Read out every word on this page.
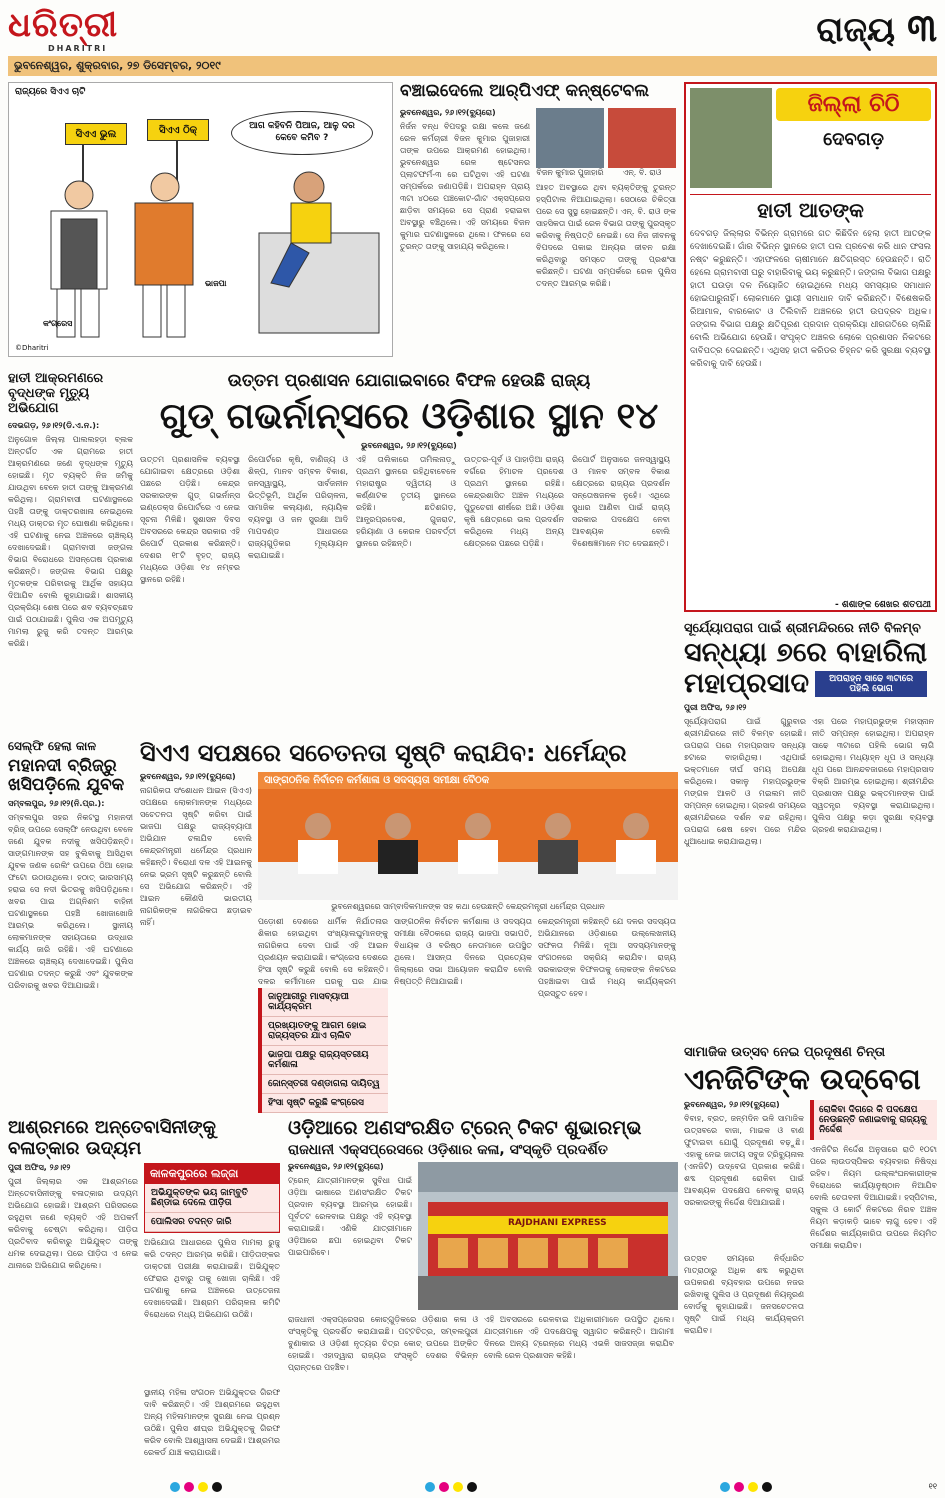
ଧରିତ୍ରୀ
DHARITRI	ରାଜ୍ୟ ୩
ଭୁବନେଶ୍ୱର, ଶୁକ୍ରବାର, ୨୭ ଡିସେମ୍ବର, ୨୦୧୯
ରାଜ୍ୟରେ ସିଏଏ ଚାଟି
ସିଏଏ ଭୁଲ	ସିଏଏ ଠିକ୍	ଆଗ କହିବନି ପିଆଜ, ଆଳୁ ଦର କେବେ କମିବ ?
କଂଗ୍ରେସ
ଭାଜପା
©Dharitri
ବଞ୍ଚାଇଦେଲେ ଆର୍‌ପିଏଫ୍ କନ୍‌ଷ୍ଟେବଲ
ଭୁବନେଶ୍ୱର, ୨୬।୧୨(ବ୍ୟୁରୋ)
ନିର୍ଜନ ବନ୍ଧ ବିପଦରୁ ରକ୍ଷା କଲେ ଜଣେ ରେଳ କର୍ମଚାରୀ ବିଜନ କୁମାର ପୁଜାହାରୀ ତାଙ୍କ ଉପରେ ଆକ୍ରମଣ ହୋଇଥିଲା। ଭୁବନେଶ୍ୱର ରେଳ ଷ୍ଟେସନର ପ୍ଲାଟଫର୍ମ-୩ ରେ ଘଟିଥିବା ଏହି ଘଟଣା ସମ୍ପର୍କରେ ଜଣାପଡ଼ିଛି। ଅପରାହ୍ନ ପ୍ରାୟ ୩ଟା ୪୦ରେ ପଞ୍ଚକୋଟ-ଗାଁଟ ଏକ୍ସପ୍ରେସ ଛାଡ଼ିବା ସମୟରେ ସେ ପ୍ରାଣ ହରାଇବା ଅବସ୍ଥାରୁ ବଞ୍ଚିଥିଲେ। ଏହି ସମୟରେ ବିଜନ କୁମାର ଘଟଣାସ୍ଥଳରେ ଥିଲେ। ଫଳରେ ସେ ତୁରନ୍ତ ତାଙ୍କୁ ସାହାଯ୍ୟ କରିଥିଲେ।
ବିଜନ କୁମାର ପୁଜାହାରି	ଏନ୍. ବି. ରାଓ
ଆହତ ଅବସ୍ଥାରେ ଥିବା ବ୍ୟକ୍ତିଙ୍କୁ ତୁରନ୍ତ ହସ୍ପିଟାଲ ନିଆଯାଇଥିଲା। ସେଠାରେ ଚିକିତ୍ସା ପରେ ସେ ସୁସ୍ଥ ହୋଇଛନ୍ତି। ଏନ୍. ବି. ରାଓ ଙ୍କ ସାହସିକତା ପାଇଁ ରେଳ ବିଭାଗ ତାଙ୍କୁ ପୁରସ୍କୃତ କରିବାକୁ ନିଷ୍ପତ୍ତି ନେଇଛି। ସେ ନିଜ ଜୀବନକୁ ବିପଦରେ ପକାଇ ଅନ୍ୟର ଜୀବନ ରକ୍ଷା କରିଥିବାରୁ ସମସ୍ତେ ତାଙ୍କୁ ପ୍ରଶଂସା କରିଛନ୍ତି। ଘଟଣା ସମ୍ପର୍କରେ ରେଳ ପୁଲିସ ତଦନ୍ତ ଆରମ୍ଭ କରିଛି।
ଜିଲ୍ଲା ଚିଠି
ଦେବଗଡ଼
ହାତୀ ଆତଙ୍କ
ଦେବଗଡ଼ ଜିଲ୍ଲାର ବିଭିନ୍ନ ଗ୍ରାମରେ ଗତ କିଛିଦିନ ହେଲା ହାତୀ ଆତଙ୍କ ଦେଖାଦେଇଛି। ଗାଁର ବିଭିନ୍ନ ସ୍ଥାନରେ ହାତୀ ପଲ ପ୍ରବେଶ କରି ଧାନ ଫସଲ ନଷ୍ଟ କରୁଛନ୍ତି। ଏହାଫଳରେ ଚାଷୀମାନେ କ୍ଷତିଗ୍ରସ୍ତ ହେଉଛନ୍ତି। ରାତି ହେଲେ ଗ୍ରାମବାସୀ ଘରୁ ବାହାରିବାକୁ ଭୟ କରୁଛନ୍ତି। ଜଙ୍ଗଲ ବିଭାଗ ପକ୍ଷରୁ ହାତୀ ଘଉଡ଼ା ଦଳ ନିୟୋଜିତ ହୋଇଥିଲେ ମଧ୍ୟ ସମସ୍ୟାର ସମାଧାନ ହୋଇପାରୁନାହିଁ। ଲୋକମାନେ ସ୍ଥାୟୀ ସମାଧାନ ଦାବି କରିଛନ୍ତି। ବିଶେଷକରି ରିଆମାଳ, ବାରକୋଟ ଓ ତିଲିବାନି ଅଞ୍ଚଳରେ ହାତୀ ଉପଦ୍ରବ ଅଧିକ। ଜଙ୍ଗଲ ବିଭାଗ ପକ୍ଷରୁ କ୍ଷତିପୂରଣ ପ୍ରଦାନ ପ୍ରକ୍ରିୟା ଧୀରଗତିରେ ଚାଲିଛି ବୋଲି ଅଭିଯୋଗ ହେଉଛି। ସଂପୃକ୍ତ ଅଞ୍ଚଳର ଲୋକେ ପ୍ରଶାସନ ନିକଟରେ ଦାବିପତ୍ର ଦେଇଛନ୍ତି। ଏଥିସହ ହାତୀ କରିଡର ଚିହ୍ନଟ କରି ସୁରକ୍ଷା ବ୍ୟବସ୍ଥା କରିବାକୁ ଦାବି ହେଉଛି।
- ଶଶାଙ୍କ ଶେଖର ଶତପଥୀ
ହାତୀ ଆକ୍ରମଣରେ ବୃଦ୍ଧଙ୍କ ମୃତ୍ୟୁ ଅଭିଯୋଗ
ଦେଭଗଡ଼, ୨୬।୧୨(ଡି.ଏ.ନ.):
ଅନୁଗୋଳ ଜିଲ୍ଲା ପାଲଲହଡ଼ା ବ୍ଲକ ଅନ୍ତର୍ଗତ ଏକ ଗ୍ରାମରେ ହାତୀ ଆକ୍ରମଣରେ ଜଣେ ବୃଦ୍ଧଙ୍କ ମୃତ୍ୟୁ ହୋଇଛି। ମୃତ ବ୍ୟକ୍ତି ନିଜ ଜମିକୁ ଯାଉଥିବା ବେଳେ ହାତୀ ତାଙ୍କୁ ଆକ୍ରମଣ କରିଥିଲା। ଗ୍ରାମବାସୀ ଘଟଣାସ୍ଥଳରେ ପହଞ୍ଚି ତାଙ୍କୁ ଡାକ୍ତରଖାନା ନେଇଥିଲେ ମଧ୍ୟ ଡାକ୍ତର ମୃତ ଘୋଷଣା କରିଥିଲେ। ଏହି ଘଟଣାକୁ ନେଇ ଅଞ୍ଚଳରେ ଚାଞ୍ଚଲ୍ୟ ଦେଖାଦେଇଛି। ଗ୍ରାମବାସୀ ଜଙ୍ଗଲ ବିଭାଗ ବିରୋଧରେ ଅସନ୍ତୋଷ ପ୍ରକାଶ କରିଛନ୍ତି। ଜଙ୍ଗଲ ବିଭାଗ ପକ୍ଷରୁ ମୃତକଙ୍କ ପରିବାରକୁ ଆର୍ଥିକ ସହାୟତା ଦିଆଯିବ ବୋଲି କୁହାଯାଇଛି। ଶାସକୀୟ ପ୍ରକ୍ରିୟା ଶେଷ ପରେ ଶବ ବ୍ୟବଚ୍ଛେଦ ପାଇଁ ପଠାଯାଇଛି। ପୁଲିସ ଏକ ଅପମୃତ୍ୟୁ ମାମଲା ରୁଜୁ କରି ତଦନ୍ତ ଆରମ୍ଭ କରିଛି।
ଉତ୍ତମ ପ୍ରଶାସନ ଯୋଗାଇବାରେ ବିଫଳ ହେଉଛି ରାଜ୍ୟ
ଗୁଡ୍ ଗଭର୍ନାନ୍ସରେ ଓଡ଼ିଶାର ସ୍ଥାନ ୧୪
ଭୁବନେଶ୍ୱର, ୨୬।୧୨(ବ୍ୟୁରୋ)
ଉତ୍ତମ ପ୍ରଶାସନିକ ବ୍ୟବସ୍ଥା ଯୋଗାଇବା କ୍ଷେତ୍ରରେ ଓଡ଼ିଶା ପଛରେ ପଡ଼ିଛି। କେନ୍ଦ୍ର ସରକାରଙ୍କ ଗୁଡ୍ ଗଭର୍ନାନ୍ସ ଇଣ୍ଡେକ୍ସ ରିପୋର୍ଟରେ ଏ ନେଇ ସୂଚନା ମିଳିଛି। ସୁଶାସନ ଦିବସ ଅବସରରେ କେନ୍ଦ୍ର ସରକାର ଏହି ରିପୋର୍ଟ ପ୍ରକାଶ କରିଛନ୍ତି। ଦେଶର ୧୮ଟି ବୃହତ୍ ରାଜ୍ୟ ମଧ୍ୟରେ ଓଡ଼ିଶା ୧୪ ନମ୍ବର ସ୍ଥାନରେ ରହିଛି।
ରିପୋର୍ଟରେ କୃଷି, ବାଣିଜ୍ୟ ଓ ଶିଳ୍ପ, ମାନବ ସମ୍ବଳ ବିକାଶ, ଜନସ୍ୱାସ୍ଥ୍ୟ, ସାର୍ବଜନୀନ ଭିତ୍ତିଭୂମି, ଆର୍ଥିକ ପରିଚାଳନା, ସାମାଜିକ କଲ୍ୟାଣ, ନ୍ୟାୟିକ ବ୍ୟବସ୍ଥା ଓ ଜନ ସୁରକ୍ଷା ଆଦି ମାପଦଣ୍ଡ ଆଧାରରେ ରାଜ୍ୟଗୁଡ଼ିକର ମୂଲ୍ୟାୟନ କରାଯାଇଛି।
ଏହି ତାଲିକାରେ ତାମିଲନାଡ଼ୁ ପ୍ରଥମ ସ୍ଥାନରେ ରହିଥିବାବେଳେ ମହାରାଷ୍ଟ୍ର ଦ୍ୱିତୀୟ ଓ କର୍ଣ୍ଣାଟକ ତୃତୀୟ ସ୍ଥାନରେ ରହିଛି। ଛତିଶଗଡ଼, ଆନ୍ଧ୍ରପ୍ରଦେଶ, ଗୁଜରାଟ, ହରିୟାଣା ଓ କେରଳ ପରବର୍ତ୍ତୀ ସ୍ଥାନରେ ରହିଛନ୍ତି।
ଉତ୍ତର-ପୂର୍ବ ଓ ପାହାଡ଼ିଆ ରାଜ୍ୟ ବର୍ଗରେ ହିମାଚଳ ପ୍ରଦେଶ ପ୍ରଥମ ସ୍ଥାନରେ ରହିଛି। କେନ୍ଦ୍ରଶାସିତ ଅଞ୍ଚଳ ମଧ୍ୟରେ ପୁଡୁଚେରୀ ଶୀର୍ଷରେ ଅଛି। ଓଡ଼ିଶା କୃଷି କ୍ଷେତ୍ରରେ ଭଲ ପ୍ରଦର୍ଶନ କରିଥିଲେ ମଧ୍ୟ ଅନ୍ୟ କ୍ଷେତ୍ରରେ ପଛରେ ପଡ଼ିଛି।
ରିପୋର୍ଟ ଅନୁସାରେ ଜନସ୍ୱାସ୍ଥ୍ୟ ଓ ମାନବ ସମ୍ବଳ ବିକାଶ କ୍ଷେତ୍ରରେ ରାଜ୍ୟର ପ୍ରଦର୍ଶନ ସନ୍ତୋଷଜନକ ନୁହେଁ। ଏଥିରେ ସୁଧାର ଆଣିବା ପାଇଁ ରାଜ୍ୟ ସରକାର ପଦକ୍ଷେପ ନେବା ଆବଶ୍ୟକ ବୋଲି ବିଶେଷଜ୍ଞମାନେ ମତ ଦେଇଛନ୍ତି।
ସୂର୍ଯ୍ୟୋପରାଗ ପାଇଁ ଶ୍ରୀମନ୍ଦିରରେ ନୀତି ବିଳମ୍ବ
ସନ୍ଧ୍ୟା ୭ରେ ବାହାରିଲା
ମହାପ୍ରସାଦ	ଅପରାହ୍ନ ସାଢେ ୩ଟାରେ ପହିଲି ଭୋଗ
ପୁରୀ ଅଫିସ, ୨୬।୧୨
ସୂର୍ଯ୍ୟୋପରାଗ ପାଇଁ ଗୁରୁବାର ଶ୍ରୀମନ୍ଦିରରେ ନୀତି ବିଳମ୍ବ ହୋଇଛି। ଉପରାଗ ପରେ ମହାପ୍ରସାଦ ସନ୍ଧ୍ୟା ୭ଟାରେ ବାହାରିଥିଲା। ଏଥିପାଇଁ ଭକ୍ତମାନେ ଦୀର୍ଘ ସମୟ ଅପେକ୍ଷା କରିଥିଲେ। ସକାଳୁ ମହାପ୍ରଭୁଙ୍କ ମଙ୍ଗଳ ଆଳତି ଓ ମଇଲମ ନୀତି ସମ୍ପନ୍ନ ହୋଇଥିଲା। ଗ୍ରହଣ ସମୟରେ ଶ୍ରୀମନ୍ଦିରରେ ଦର୍ଶନ ବନ୍ଦ ରହିଥିଲା। ଉପରାଗ ଶେଷ ହେବା ପରେ ମନ୍ଦିର ଧୁଆଧୋଇ କରାଯାଇଥିଲା।
ଏହା ପରେ ମହାପ୍ରଭୁଙ୍କ ମହାସ୍ନାନ ନୀତି ସମ୍ପନ୍ନ ହୋଇଥିଲା। ଅପରାହ୍ନ ସାଢେ ୩ଟାରେ ପହିଲି ଭୋଗ ଲାଗି ହୋଇଥିଲା। ମଧ୍ୟାହ୍ନ ଧୂପ ଓ ସନ୍ଧ୍ୟା ଧୂପ ପରେ ଆନନ୍ଦବଜାରରେ ମହାପ୍ରସାଦ ବିକ୍ରି ଆରମ୍ଭ ହୋଇଥିଲା। ଶ୍ରୀମନ୍ଦିର ପ୍ରଶାସନ ପକ୍ଷରୁ ଭକ୍ତମାନଙ୍କ ପାଇଁ ସ୍ୱତନ୍ତ୍ର ବ୍ୟବସ୍ଥା କରାଯାଇଥିଲା। ପୁଲିସ ପକ୍ଷରୁ କଡ଼ା ସୁରକ୍ଷା ବ୍ୟବସ୍ଥା ଗ୍ରହଣ କରାଯାଇଥିଲା।
ସେଲ୍‌ଫି ହେଲା କାଳ
ମହାନଦୀ ବ୍ରିଜ୍‌ରୁ ଖସିପଡ଼ିଲେ ଯୁବକ
ସମ୍ବଲପୁର, ୨୬।୧୨(ନି.ପ୍ର.):
ସମ୍ବଲପୁର ସହର ନିକଟସ୍ଥ ମହାନଦୀ ବ୍ରିଜ୍ ଉପରେ ସେଲ୍‌ଫି ନେଉଥିବା ବେଳେ ଜଣେ ଯୁବକ ନଦୀକୁ ଖସିପଡ଼ିଛନ୍ତି। ସାଙ୍ଗମାନଙ୍କ ସହ ବୁଲିବାକୁ ଆସିଥିବା ଯୁବକ ଜଣକ ରେଲିଂ ଉପରେ ଠିଆ ହୋଇ ଫଟୋ ଉଠାଉଥିଲେ। ହଠାତ୍ ଭାରସାମ୍ୟ ହରାଇ ସେ ନଦୀ ଭିତରକୁ ଖସିପଡ଼ିଥିଲେ। ଖବର ପାଇ ଅଗ୍ନିଶମ ବାହିନୀ ଘଟଣାସ୍ଥଳରେ ପହଞ୍ଚି ଖୋଜାଖୋଜି ଆରମ୍ଭ କରିଥିଲେ। ସ୍ଥାନୀୟ ଲୋକମାନଙ୍କ ସହାୟତାରେ ଉଦ୍ଧାର କାର୍ଯ୍ୟ ଜାରି ରହିଛି। ଏହି ଘଟଣାରେ ଅଞ୍ଚଳରେ ଚାଞ୍ଚଲ୍ୟ ଦେଖାଦେଇଛି। ପୁଲିସ ଘଟଣାର ତଦନ୍ତ କରୁଛି ଏବଂ ଯୁବକଙ୍କ ପରିବାରକୁ ଖବର ଦିଆଯାଇଛି।
ସିଏଏ ସପକ୍ଷରେ ସଚେତନତା ସୃଷ୍ଟି କରାଯିବ: ଧର୍ମେନ୍ଦ୍ର
ଭୁବନେଶ୍ୱର, ୨୬।୧୨(ବ୍ୟୁରୋ)
ନାଗରିକତା ସଂଶୋଧନ ଆଇନ (ସିଏଏ) ସପକ୍ଷରେ ଲୋକମାନଙ୍କ ମଧ୍ୟରେ ସଚେତନତା ସୃଷ୍ଟି କରିବା ପାଇଁ ଭାଜପା ପକ୍ଷରୁ ରାଜ୍ୟବ୍ୟାପୀ ଅଭିଯାନ ଚଳାଯିବ ବୋଲି କେନ୍ଦ୍ରମନ୍ତ୍ରୀ ଧର୍ମେନ୍ଦ୍ର ପ୍ରଧାନ କହିଛନ୍ତି। ବିରୋଧୀ ଦଳ ଏହି ଆଇନକୁ ନେଇ ଭ୍ରମ ସୃଷ୍ଟି କରୁଛନ୍ତି ବୋଲି ସେ ଅଭିଯୋଗ କରିଛନ୍ତି। ଏହି ଆଇନ କୌଣସି ଭାରତୀୟ ନାଗରିକଙ୍କ ନାଗରିକତା ଛଡ଼ାଇବ ନାହିଁ।
ସାଙ୍ଗଠନିକ ନିର୍ବାଚନ କର୍ମଶାଳା ଓ ସଦସ୍ୟତା ସମୀକ୍ଷା ବୈଠକ
ଭୁବନେଶ୍ୱରରେ ସାମ୍ବାଦିକମାନଙ୍କ ସହ କଥା ହେଉଛନ୍ତି କେନ୍ଦ୍ରମନ୍ତ୍ରୀ ଧର୍ମେନ୍ଦ୍ର ପ୍ରଧାନ
ପଡ଼ୋଶୀ ଦେଶରେ ଧାର୍ମିକ ନିର୍ଯାତନାର ଶିକାର ହୋଇଥିବା ସଂଖ୍ୟାଲଘୁମାନଙ୍କୁ ନାଗରିକତା ଦେବା ପାଇଁ ଏହି ଆଇନ ପ୍ରଣୟନ କରାଯାଇଛି। କଂଗ୍ରେସ ଦେଶରେ ହିଂସା ସୃଷ୍ଟି କରୁଛି ବୋଲି ସେ କହିଛନ୍ତି। ଦଳର କର୍ମୀମାନେ ଘରକୁ ଘର ଯାଇ
ଜାନୁଆରୀରୁ ମାସବ୍ୟାପୀ କାର୍ଯ୍ୟକ୍ରମ
ପ୍ରଖ୍ୟାତଙ୍କୁ ଆଗମ ହୋଇ ରାଜ୍ୟସ୍ତର ଯାଏ ଚାଲିବ
ଭାଜପା ପକ୍ଷରୁ ରାଜ୍ୟସ୍ତରୀୟ କର୍ମଶାଳା
ଜୋନ୍‌ସ୍ତରୀ ଦଣ୍ଡାଗଲା ଦାୟିତ୍ୱ
ହିଂସା ସୃଷ୍ଟି କରୁଛି କଂଗ୍ରେସ
ସାଙ୍ଗଠନିକ ନିର୍ବାଚନ କର୍ମଶାଳା ଓ ସଦସ୍ୟତା ସମୀକ୍ଷା ବୈଠକରେ ରାଜ୍ୟ ଭାଜପା ସଭାପତି, ବିଧାୟକ ଓ ବରିଷ୍ଠ ନେତାମାନେ ଉପସ୍ଥିତ ଥିଲେ। ଆସନ୍ତା ଦିନରେ ପ୍ରତ୍ୟେକ ଜିଲ୍ଲାରେ ସଭା ଆୟୋଜନ କରାଯିବ ବୋଲି ନିଷ୍ପତ୍ତି ନିଆଯାଇଛି।
କେନ୍ଦ୍ରମନ୍ତ୍ରୀ କହିଛନ୍ତି ଯେ ଦଳର ସଦସ୍ୟତା ଅଭିଯାନରେ ଓଡ଼ିଶାରେ ଉଲ୍ଲେଖନୀୟ ସଫଳତା ମିଳିଛି। ନୂଆ ସଦସ୍ୟମାନଙ୍କୁ ସଂଗଠନରେ ସକ୍ରିୟ କରାଯିବ। ରାଜ୍ୟ ସରକାରଙ୍କ ବିଫଳତାକୁ ଲୋକଙ୍କ ନିକଟରେ ପହଞ୍ଚାଇବା ପାଇଁ ମଧ୍ୟ କାର୍ଯ୍ୟକ୍ରମ ପ୍ରସ୍ତୁତ ହେବ।
ସାମାଜିକ ଉତ୍ସବ ନେଇ ପ୍ରଦୂଷଣ ଚିନ୍ତା
ଏନଜିଟିଙ୍କ ଉଦ୍‌ବେଗ
ଭୁବନେଶ୍ୱର, ୨୬।୧୨(ବ୍ୟୁରୋ)
ବିବାହ, ବ୍ରତ, ଜନ୍ମଦିନ ଭଳି ସାମାଜିକ ଉତ୍ସବରେ ବାଜା, ମାଇକ ଓ ବାଣ ଫୁଟାଇବା ଯୋଗୁଁ ପ୍ରଦୂଷଣ ବଢ଼ୁଛି। ଏହାକୁ ନେଇ ଜାତୀୟ ସବୁଜ ଟ୍ରିବ୍ୟୁନାଲ (ଏନଜିଟି) ଉଦ୍‌ବେଗ ପ୍ରକାଶ କରିଛି। ଶବ୍ଦ ପ୍ରଦୂଷଣ ରୋକିବା ପାଇଁ ଆବଶ୍ୟକ ପଦକ୍ଷେପ ନେବାକୁ ରାଜ୍ୟ ସରକାରଙ୍କୁ ନିର୍ଦ୍ଦେଶ ଦିଆଯାଇଛି।
ଉତ୍ସବ ସମୟରେ ନିର୍ଦ୍ଧାରିତ ମାତ୍ରାଠାରୁ ଅଧିକ ଶବ୍ଦ କରୁଥିବା ଉପକରଣ ବ୍ୟବହାର ଉପରେ ନଜର ରଖିବାକୁ ପୁଲିସ ଓ ପ୍ରଦୂଷଣ ନିୟନ୍ତ୍ରଣ ବୋର୍ଡକୁ କୁହାଯାଇଛି। ଜନସଚେତନତା ସୃଷ୍ଟି ପାଇଁ ମଧ୍ୟ କାର୍ଯ୍ୟକ୍ରମ କରାଯିବ।
ରୋକିବା ଦିଗରେ କି ପଦକ୍ଷେପ ନେଉଛନ୍ତି ଜଣାଇବାକୁ ରାଜ୍ୟକୁ ନିର୍ଦ୍ଦେଶ
ଏନଜିଟିର ନିର୍ଦ୍ଦେଶ ଅନୁସାରେ ରାତି ୧୦ଟା ପରେ ଲାଉଡସ୍ପିକର ବ୍ୟବହାର ନିଷିଦ୍ଧ ରହିବ। ନିୟମ ଉଲ୍ଲଂଘନକାରୀଙ୍କ ବିରୋଧରେ କାର୍ଯ୍ୟାନୁଷ୍ଠାନ ନିଆଯିବ ବୋଲି ଚେତାବନୀ ଦିଆଯାଇଛି। ହସ୍ପିଟାଲ, ସ୍କୁଲ ଓ କୋର୍ଟ ନିକଟରେ ନିରବ ଅଞ୍ଚଳ ନିୟମ କଡ଼ାକଡ଼ି ଭାବେ ଲାଗୁ ହେବ। ଏହି ନିର୍ଦ୍ଦେଶର କାର୍ଯ୍ୟକାରିତା ଉପରେ ନିୟମିତ ସମୀକ୍ଷା କରାଯିବ।
ଆଶ୍ରମରେ ଅନ୍ତେବାସିନୀଙ୍କୁ ବଳାତ୍କାର ଉଦ୍ୟମ
ପୁରୀ ଅଫିସ, ୨୬।୧୨
ପୁରୀ ଜିଲ୍ଲାର ଏକ ଆଶ୍ରମରେ ଅନ୍ତେବାସିନୀଙ୍କୁ ବଳାତ୍କାର ଉଦ୍ୟମ ଅଭିଯୋଗ ହୋଇଛି। ଆଶ୍ରମ ପରିସରରେ ରହୁଥିବା ଜଣେ ବ୍ୟକ୍ତି ଏହି ଅପକର୍ମ କରିବାକୁ ଚେଷ୍ଟା କରିଥିଲା। ପୀଡ଼ିତା ପ୍ରତିବାଦ କରିବାରୁ ଅଭିଯୁକ୍ତ ତାଙ୍କୁ ଧମକ ଦେଇଥିଲା। ପରେ ପୀଡ଼ିତା ଏ ନେଇ ଥାନାରେ ଅଭିଯୋଗ କରିଥିଲେ।
କାଳକପୁରରେ ଲଜ୍ଜା
ଅଭିଯୁକ୍ତଙ୍କ ଭୟ ଜାମ୍ବୁତି ଛିଣ୍ଡାଇ ଦେଲେ ପୀଡ଼ିତା
ପୋଲିସର ତଦନ୍ତ ଜାରି
ଅଭିଯୋଗ ଆଧାରରେ ପୁଲିସ ମାମଲା ରୁଜୁ କରି ତଦନ୍ତ ଆରମ୍ଭ କରିଛି। ପୀଡ଼ିତାଙ୍କର ଡାକ୍ତରୀ ପରୀକ୍ଷା କରାଯାଇଛି। ଅଭିଯୁକ୍ତ ଫେରାର ଥିବାରୁ ତାକୁ ଖୋଜା ଚାଲିଛି। ଏହି ଘଟଣାକୁ ନେଇ ଅଞ୍ଚଳରେ ଉତ୍ତେଜନା ଦେଖାଦେଇଛି। ଆଶ୍ରମ ପରିଚାଳନା କମିଟି ବିରୋଧରେ ମଧ୍ୟ ଅଭିଯୋଗ ଉଠିଛି।
ସ୍ଥାନୀୟ ମହିଳା ସଂଗଠନ ଅଭିଯୁକ୍ତର ଗିରଫ ଦାବି କରିଛନ୍ତି। ଏହି ଆଶ୍ରମରେ ରହୁଥିବା ଅନ୍ୟ ମହିଳାମାନଙ୍କ ସୁରକ୍ଷା ନେଇ ପ୍ରଶ୍ନ ଉଠିଛି। ପୁଲିସ ଶୀଘ୍ର ଅଭିଯୁକ୍ତକୁ ଗିରଫ କରିବ ବୋଲି ଆଶ୍ୱାସନା ଦେଇଛି। ଆଶ୍ରମର ରେକର୍ଡ ଯାଞ୍ଚ କରାଯାଉଛି।
ଓଡ଼ିଆରେ ଅଣସଂରକ୍ଷିତ ଟ୍ରେନ୍ ଟିକଟ ଶୁଭାରମ୍ଭ
ରାଜଧାନୀ ଏକ୍ସପ୍ରେସରେ ଓଡ଼ିଶାର କଳା, ସଂସ୍କୃତି ପ୍ରଦର୍ଶିତ
ଭୁବନେଶ୍ୱର, ୨୬।୧୨(ବ୍ୟୁରୋ)
ଟ୍ରେନ୍ ଯାତ୍ରୀମାନଙ୍କ ସୁବିଧା ପାଇଁ ଓଡ଼ିଆ ଭାଷାରେ ଅଣସଂରକ୍ଷିତ ଟିକଟ ପ୍ରଦାନ ବ୍ୟବସ୍ଥା ଆରମ୍ଭ ହୋଇଛି। ପୂର୍ବତଟ ରେଳବାଇ ପକ୍ଷରୁ ଏହି ବ୍ୟବସ୍ଥା କରାଯାଇଛି। ଏଣିକି ଯାତ୍ରୀମାନେ ଓଡ଼ିଆରେ ଛପା ହୋଇଥିବା ଟିକଟ ପାଇପାରିବେ।
RAJDHANI EXPRESS
ରାଜଧାନୀ ଏକ୍ସପ୍ରେସର କୋଚ୍‌ଗୁଡ଼ିକରେ ଓଡ଼ିଶାର କଳା ଓ ସଂସ୍କୃତିକୁ ପ୍ରଦର୍ଶିତ କରାଯାଇଛି। ପଟ୍ଟଚିତ୍ର, ସମ୍ବଲପୁରୀ ବୁଣାକାର ଓ ଓଡ଼ିଶୀ ନୃତ୍ୟର ଚିତ୍ର କୋଚ୍ ଉପରେ ଅଙ୍କିତ ହୋଇଛି। ଏହାଦ୍ୱାରା ରାଜ୍ୟର ସଂସ୍କୃତି ଦେଶର ବିଭିନ୍ନ ପ୍ରାନ୍ତରେ ପହଞ୍ଚିବ।
ଏହି ଅବସରରେ ରେଳବାଇ ଅଧିକାରୀମାନେ ଉପସ୍ଥିତ ଥିଲେ। ଯାତ୍ରୀମାନେ ଏହି ପଦକ୍ଷେପକୁ ସ୍ୱାଗତ କରିଛନ୍ତି। ଆଗାମୀ ଦିନରେ ଅନ୍ୟ ଟ୍ରେନ୍‌ରେ ମଧ୍ୟ ଏଭଳି ସାଜସଜ୍ଜା କରାଯିବ ବୋଲି ରେଳ ପ୍ରଶାସନ କହିଛି।
୧୧
